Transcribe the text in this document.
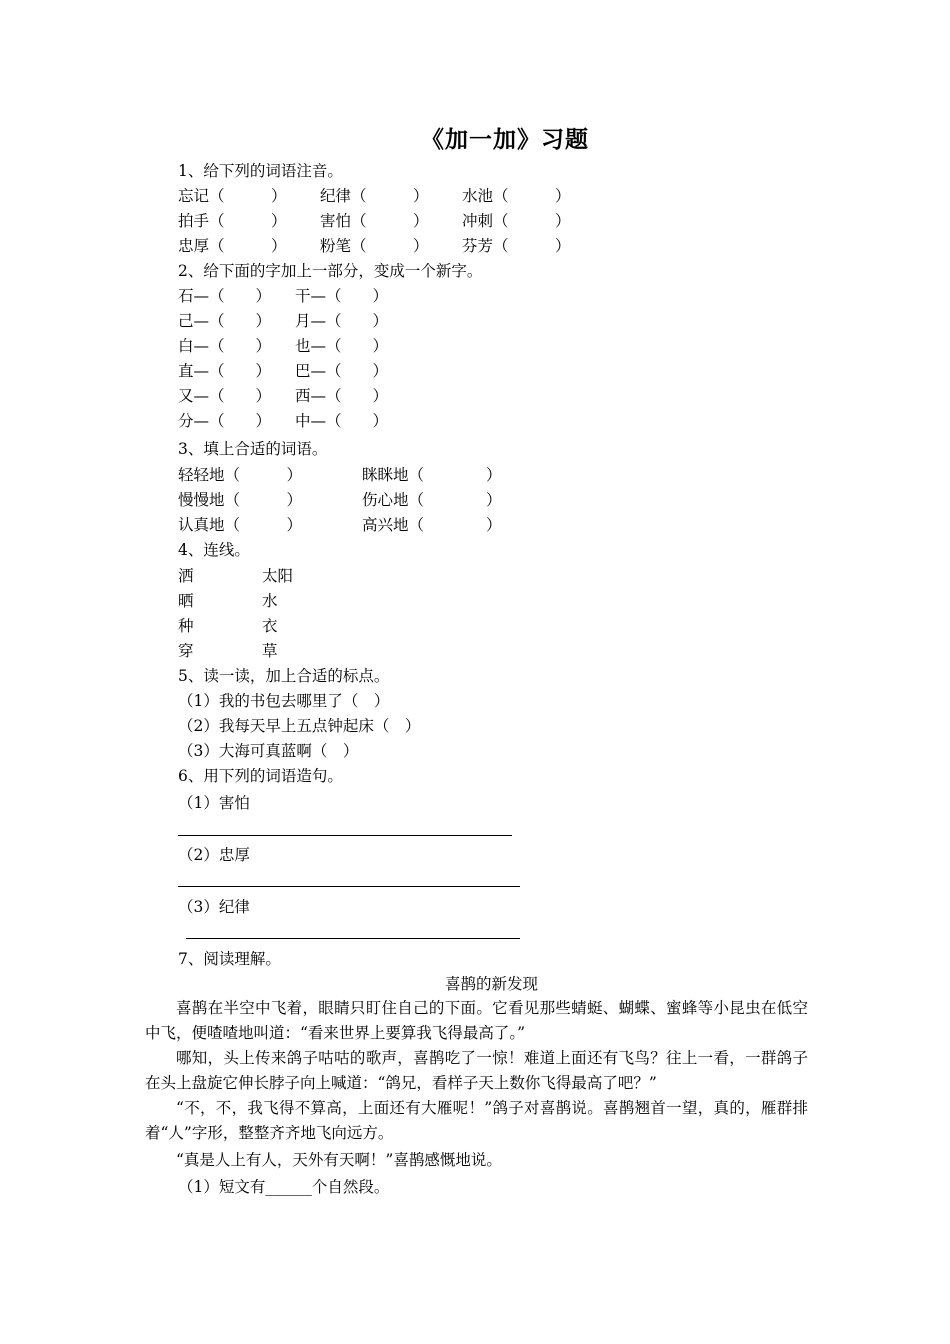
《加一加》习题
1、给下列的词语注音。
忘记（　　　） 纪律（　　　） 水池（　　　）
拍手（　　　） 害怕（　　　） 冲刺（　　　）
忠厚（　　　） 粉笔（　　　） 芬芳（　　　）
2、给下面的字加上一部分，变成一个新字。
石—（　　） 干—（　　）
己—（　　） 月—（　　）
白—（　　） 也—（　　）
直—（　　） 巴—（　　）
又—（　　） 西—（　　）
分—（　　） 中—（　　）
3、填上合适的词语。
轻轻地（　　　）	眯眯地（　　　　）
慢慢地（　　　）	伤心地（　　　　）
认真地（　　　）	高兴地（　　　　）
4、连线。
洒	太阳
晒	水
种	衣
穿	草
5、读一读，加上合适的标点。
（1）我的书包去哪里了（　）
（2）我每天早上五点钟起床（　）
（3）大海可真蓝啊（　）
6、用下列的词语造句。
（1）害怕
（2）忠厚
（3）纪律
7、阅读理解。
喜鹊的新发现
喜鹊在半空中飞着，眼睛只盯住自己的下面。它看见那些蜻蜓、蝴蝶、蜜蜂等小昆虫在低空中飞，便喳喳地叫道：“看来世界上要算我飞得最高了。”
哪知，头上传来鸽子咕咕的歌声，喜鹊吃了一惊！难道上面还有飞鸟？往上一看，一群鸽子在头上盘旋它伸长脖子向上喊道：“鸽兄，看样子天上数你飞得最高了吧？”
“不，不，我飞得不算高，上面还有大雁呢！”鸽子对喜鹊说。喜鹊翘首一望，真的，雁群排着“人”字形，整整齐齐地飞向远方。
“真是人上有人，天外有天啊！”喜鹊感慨地说。
（1）短文有______个自然段。
